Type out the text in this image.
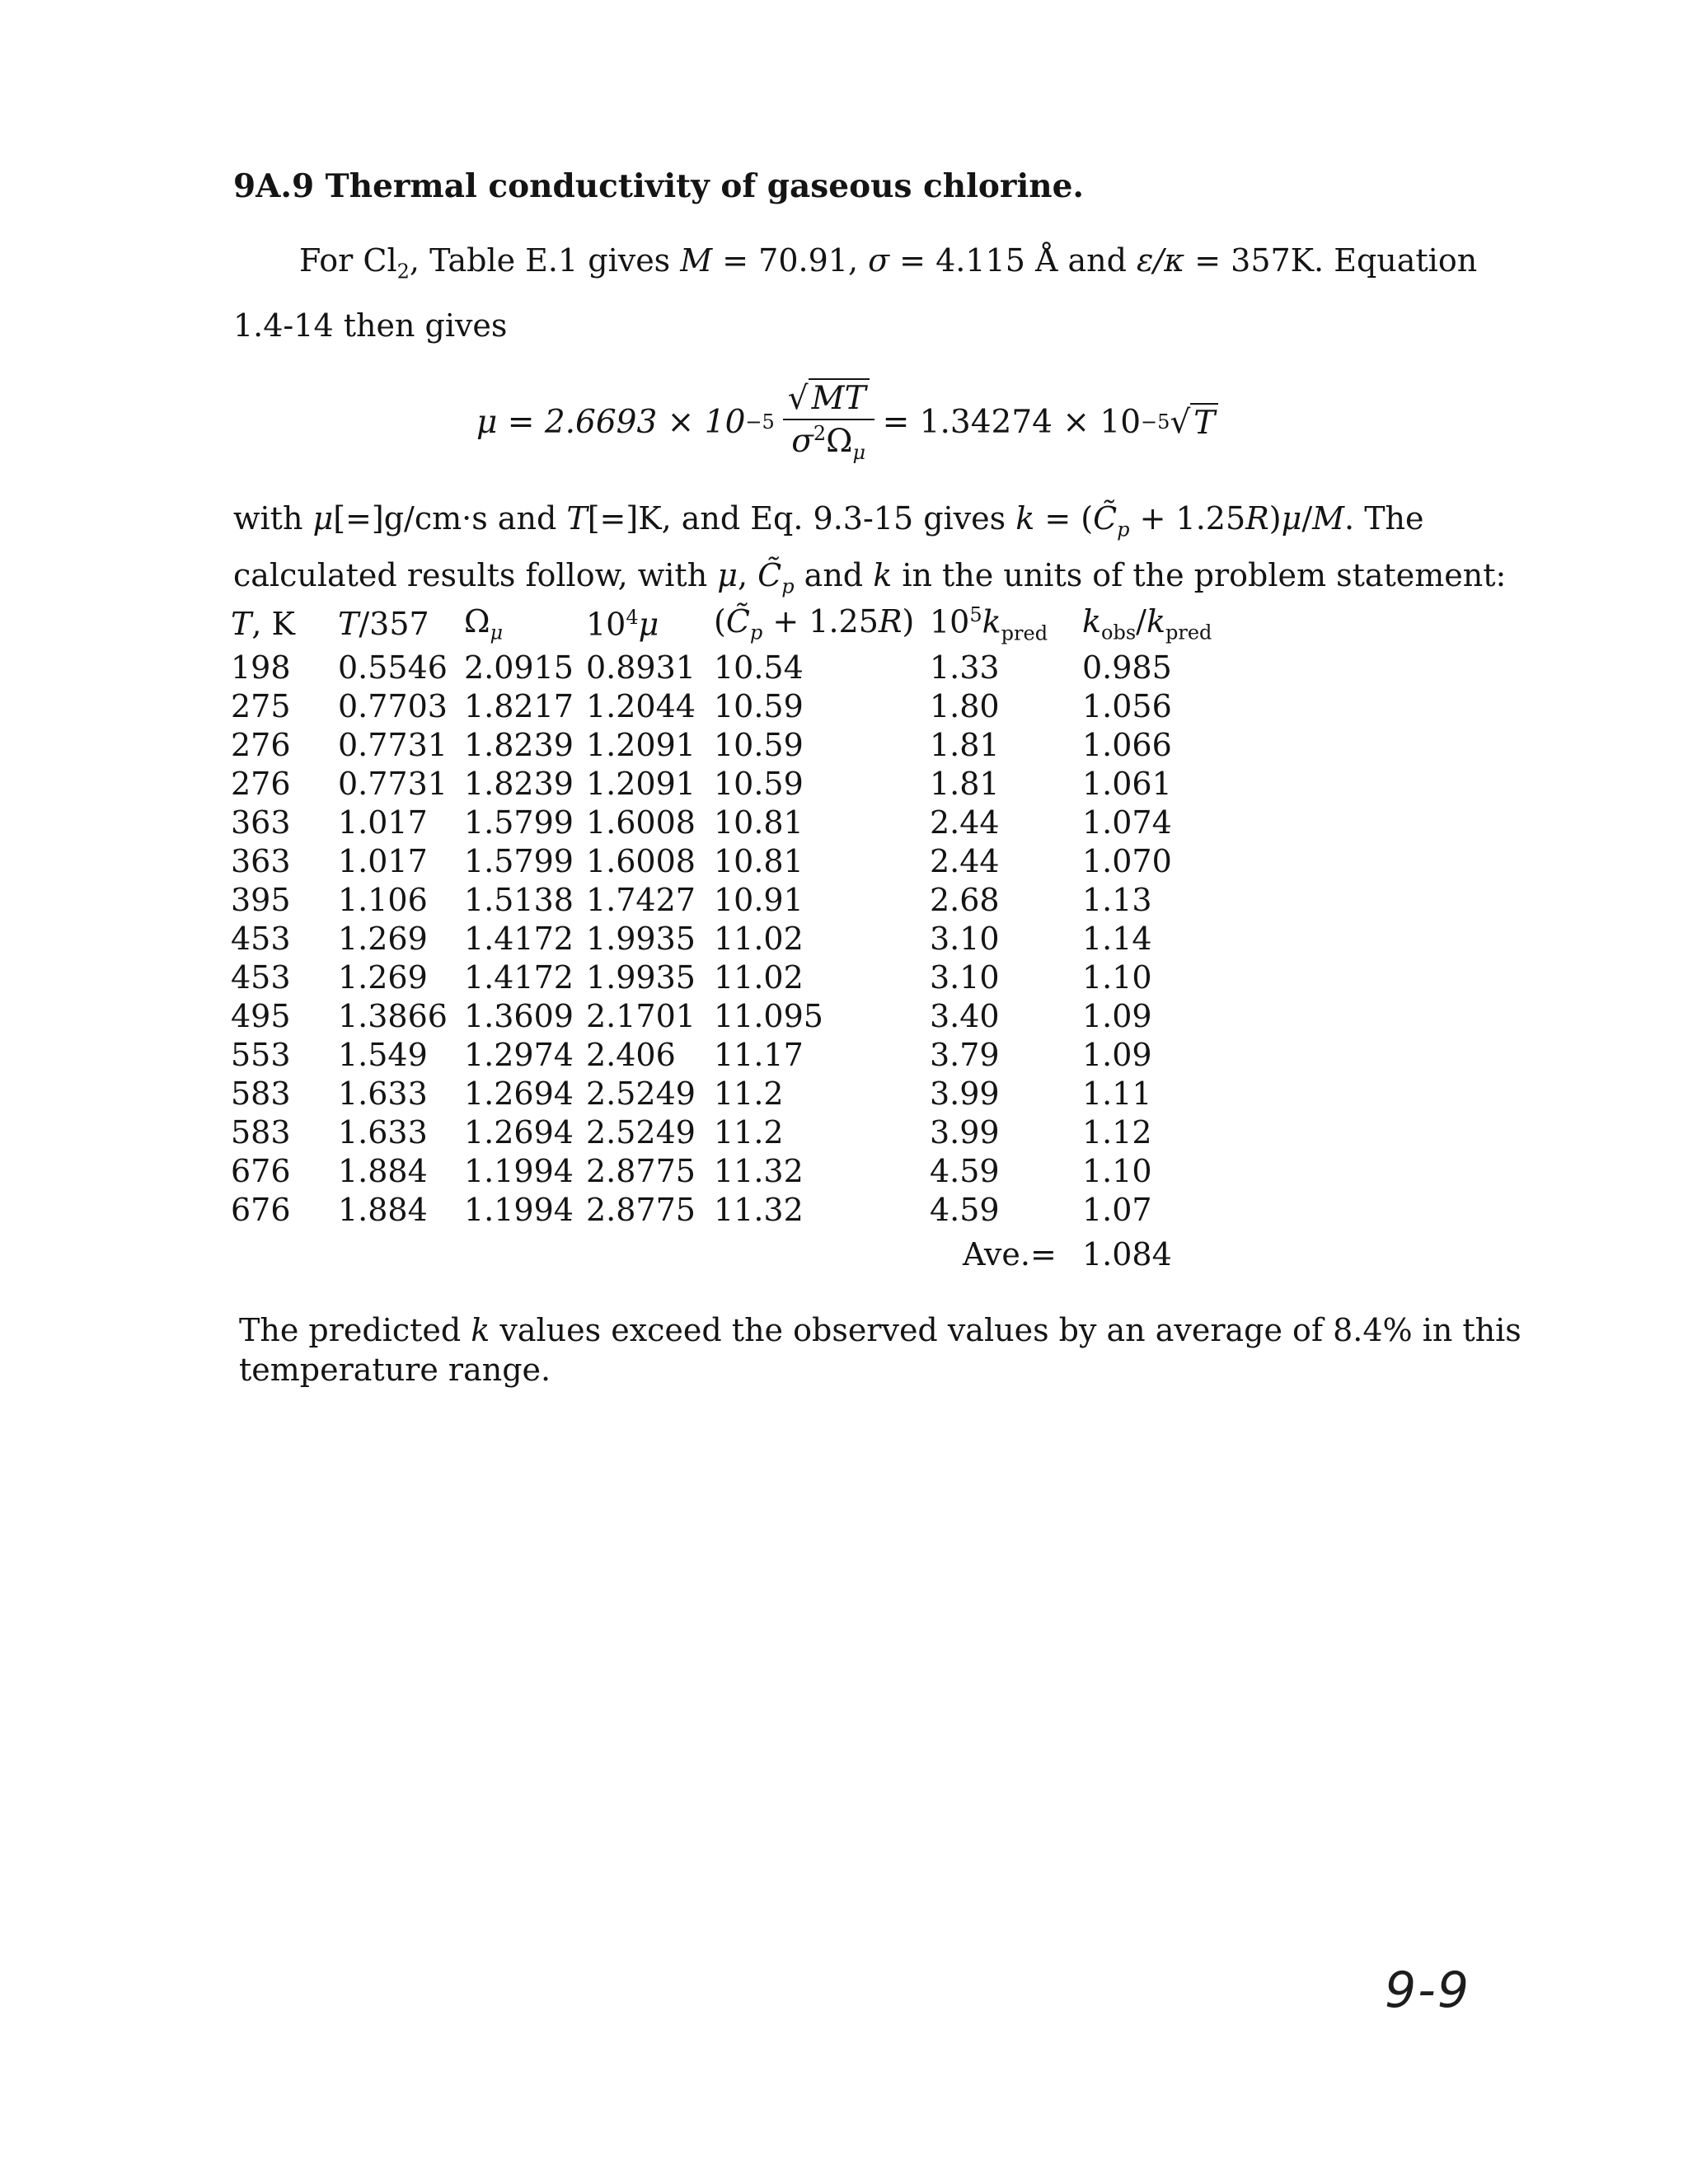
9A.9 Thermal conductivity of gaseous chlorine.
For $Cl_2$, Table E.1 gives M = 70.91, σ = 4.115 Å and ε/κ = 357K. Equation
1.4-14 then gives
$\mu = 2.6693 \times 10 -5 \frac{√ MT}{\sigma^2\Omega_\mu} = 1.34274 \times 10 -5$ √ T
with μ[=]g/cm·s and T[=]K, and Eq. 9.3-15 gives $k = (C̃_p + 1.25R)\mu/M$. The
calculated results follow, with μ, $C̃_p$ and k in the units of the problem statement:
T, K	T/357	$\Omega_\mu$	$10^4\mu$	$(C̃_p + 1.25R)$	$10^5k_{pred}$	$k_{obs}/k_{pred}$
198	0.5546	2.0915	0.8931	10.54	1.33	0.985
275	0.7703	1.8217	1.2044	10.59	1.80	1.056
276	0.7731	1.8239	1.2091	10.59	1.81	1.066
276	0.7731	1.8239	1.2091	10.59	1.81	1.061
363	1.017	1.5799	1.6008	10.81	2.44	1.074
363	1.017	1.5799	1.6008	10.81	2.44	1.070
395	1.106	1.5138	1.7427	10.91	2.68	1.13
453	1.269	1.4172	1.9935	11.02	3.10	1.14
453	1.269	1.4172	1.9935	11.02	3.10	1.10
495	1.3866	1.3609	2.1701	11.095	3.40	1.09
553	1.549	1.2974	2.406	11.17	3.79	1.09
583	1.633	1.2694	2.5249	11.2	3.99	1.11
583	1.633	1.2694	2.5249	11.2	3.99	1.12
676	1.884	1.1994	2.8775	11.32	4.59	1.10
676	1.884	1.1994	2.8775	11.32	4.59	1.07
					Ave.=	1.084
The predicted k values exceed the observed values by an average of 8.4% in this
temperature range.
9-9
